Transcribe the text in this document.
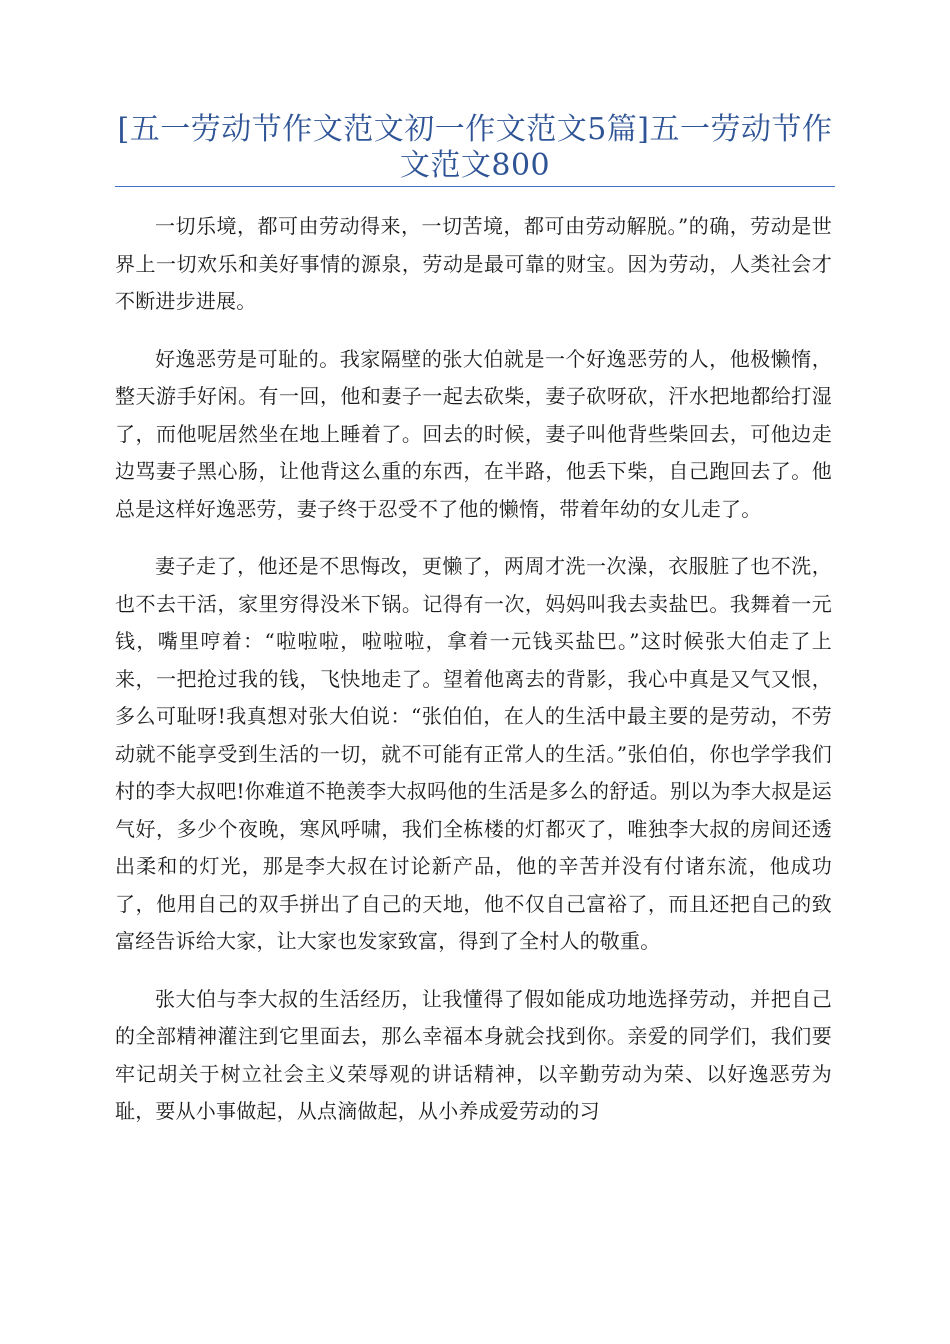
[五一劳动节作文范文初一作文范文5篇]五一劳动节作文范文800

一切乐境，都可由劳动得来，一切苦境，都可由劳动解脱。”的确，劳动是世界上一切欢乐和美好事情的源泉，劳动是最可靠的财宝。因为劳动，人类社会才不断进步进展。

好逸恶劳是可耻的。我家隔壁的张大伯就是一个好逸恶劳的人，他极懒惰，整天游手好闲。有一回，他和妻子一起去砍柴，妻子砍呀砍，汗水把地都给打湿了，而他呢居然坐在地上睡着了。回去的时候，妻子叫他背些柴回去，可他边走边骂妻子黑心肠，让他背这么重的东西，在半路，他丢下柴，自己跑回去了。他总是这样好逸恶劳，妻子终于忍受不了他的懒惰，带着年幼的女儿走了。

妻子走了，他还是不思悔改，更懒了，两周才洗一次澡，衣服脏了也不洗，也不去干活，家里穷得没米下锅。记得有一次，妈妈叫我去卖盐巴。我舞着一元钱，嘴里哼着：“啦啦啦，啦啦啦，拿着一元钱买盐巴。”这时候张大伯走了上来，一把抢过我的钱，飞快地走了。望着他离去的背影，我心中真是又气又恨，多么可耻呀!我真想对张大伯说：“张伯伯，在人的生活中最主要的是劳动，不劳动就不能享受到生活的一切，就不可能有正常人的生活。”张伯伯，你也学学我们村的李大叔吧!你难道不艳羡李大叔吗他的生活是多么的舒适。别以为李大叔是运气好，多少个夜晚，寒风呼啸，我们全栋楼的灯都灭了，唯独李大叔的房间还透出柔和的灯光，那是李大叔在讨论新产品，他的辛苦并没有付诸东流，他成功了，他用自己的双手拼出了自己的天地，他不仅自己富裕了，而且还把自己的致富经告诉给大家，让大家也发家致富，得到了全村人的敬重。

张大伯与李大叔的生活经历，让我懂得了假如能成功地选择劳动，并把自己的全部精神灌注到它里面去，那么幸福本身就会找到你。亲爱的同学们，我们要牢记胡关于树立社会主义荣辱观的讲话精神，以辛勤劳动为荣、以好逸恶劳为耻，要从小事做起，从点滴做起，从小养成爱劳动的习
